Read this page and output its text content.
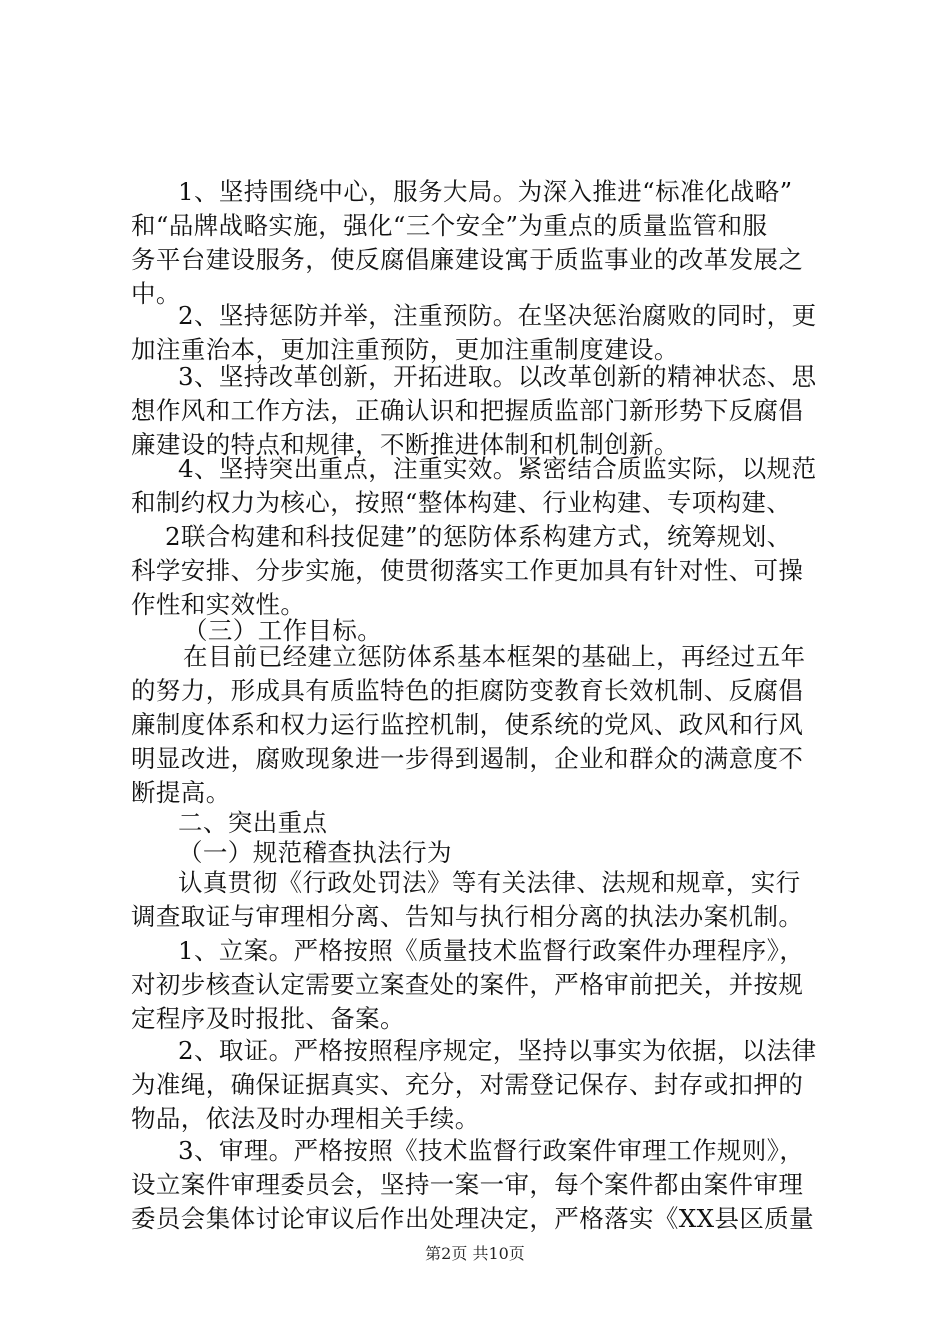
1、坚持围绕中心，服务大局。为深入推进“标准化战略”
和“品牌战略实施，强化“三个安全”为重点的质量监管和服
务平台建设服务，使反腐倡廉建设寓于质监事业的改革发展之
中。
2、坚持惩防并举，注重预防。在坚决惩治腐败的同时，更
加注重治本，更加注重预防，更加注重制度建设。
3、坚持改革创新，开拓进取。以改革创新的精神状态、思
想作风和工作方法，正确认识和把握质监部门新形势下反腐倡
廉建设的特点和规律，不断推进体制和机制创新。
4、坚持突出重点，注重实效。紧密结合质监实际，以规范
和制约权力为核心，按照“整体构建、行业构建、专项构建、
2联合构建和科技促建”的惩防体系构建方式，统筹规划、
科学安排、分步实施，使贯彻落实工作更加具有针对性、可操
作性和实效性。
（三）工作目标。
在目前已经建立惩防体系基本框架的基础上，再经过五年
的努力，形成具有质监特色的拒腐防变教育长效机制、反腐倡
廉制度体系和权力运行监控机制，使系统的党风、政风和行风
明显改进，腐败现象进一步得到遏制，企业和群众的满意度不
断提高。
二、突出重点
（一）规范稽查执法行为
认真贯彻《行政处罚法》等有关法律、法规和规章，实行
调查取证与审理相分离、告知与执行相分离的执法办案机制。
1、立案。严格按照《质量技术监督行政案件办理程序》，
对初步核查认定需要立案查处的案件，严格审前把关，并按规
定程序及时报批、备案。
2、取证。严格按照程序规定，坚持以事实为依据，以法律
为准绳，确保证据真实、充分，对需登记保存、封存或扣押的
物品，依法及时办理相关手续。
3、审理。严格按照《技术监督行政案件审理工作规则》，
设立案件审理委员会，坚持一案一审，每个案件都由案件审理
委员会集体讨论审议后作出处理决定，严格落实《XX县区质量
第2页 共10页
